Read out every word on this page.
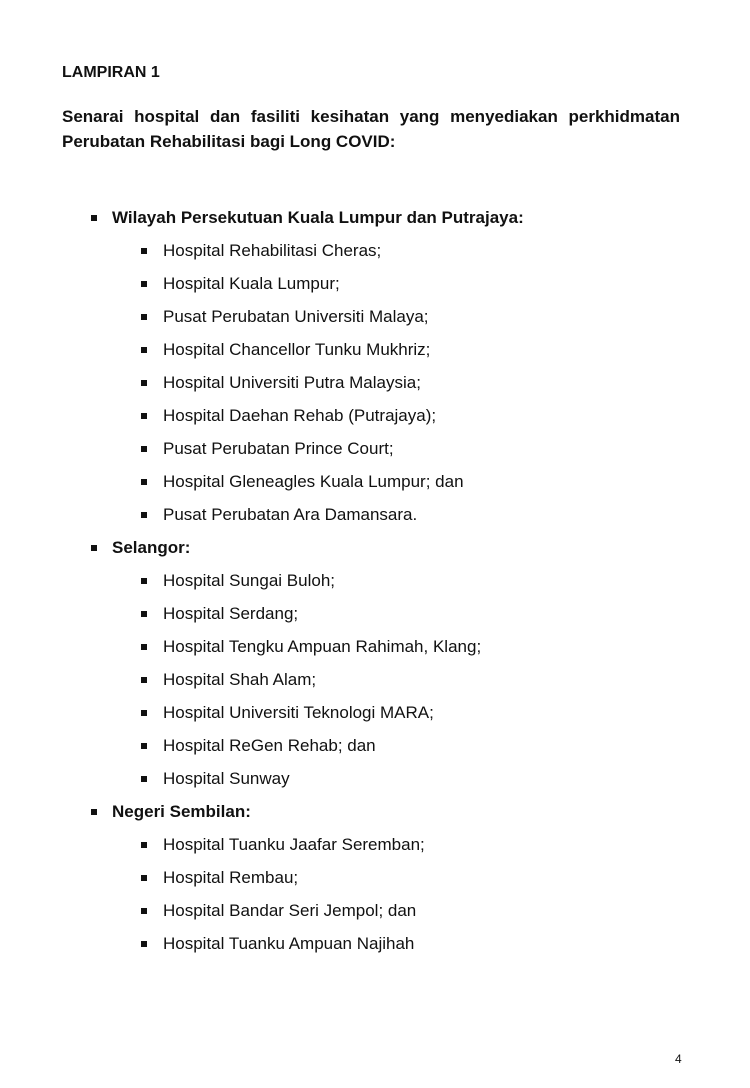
LAMPIRAN 1
Senarai hospital dan fasiliti kesihatan yang menyediakan perkhidmatan Perubatan Rehabilitasi bagi Long COVID:
Wilayah Persekutuan Kuala Lumpur dan Putrajaya:
Hospital Rehabilitasi Cheras;
Hospital Kuala Lumpur;
Pusat Perubatan Universiti Malaya;
Hospital Chancellor Tunku Mukhriz;
Hospital Universiti Putra Malaysia;
Hospital Daehan Rehab (Putrajaya);
Pusat Perubatan Prince Court;
Hospital Gleneagles Kuala Lumpur; dan
Pusat Perubatan Ara Damansara.
Selangor:
Hospital Sungai Buloh;
Hospital Serdang;
Hospital Tengku Ampuan Rahimah, Klang;
Hospital Shah Alam;
Hospital Universiti Teknologi MARA;
Hospital ReGen Rehab; dan
Hospital Sunway
Negeri Sembilan:
Hospital Tuanku Jaafar Seremban;
Hospital Rembau;
Hospital Bandar Seri Jempol; dan
Hospital Tuanku Ampuan Najihah
4
